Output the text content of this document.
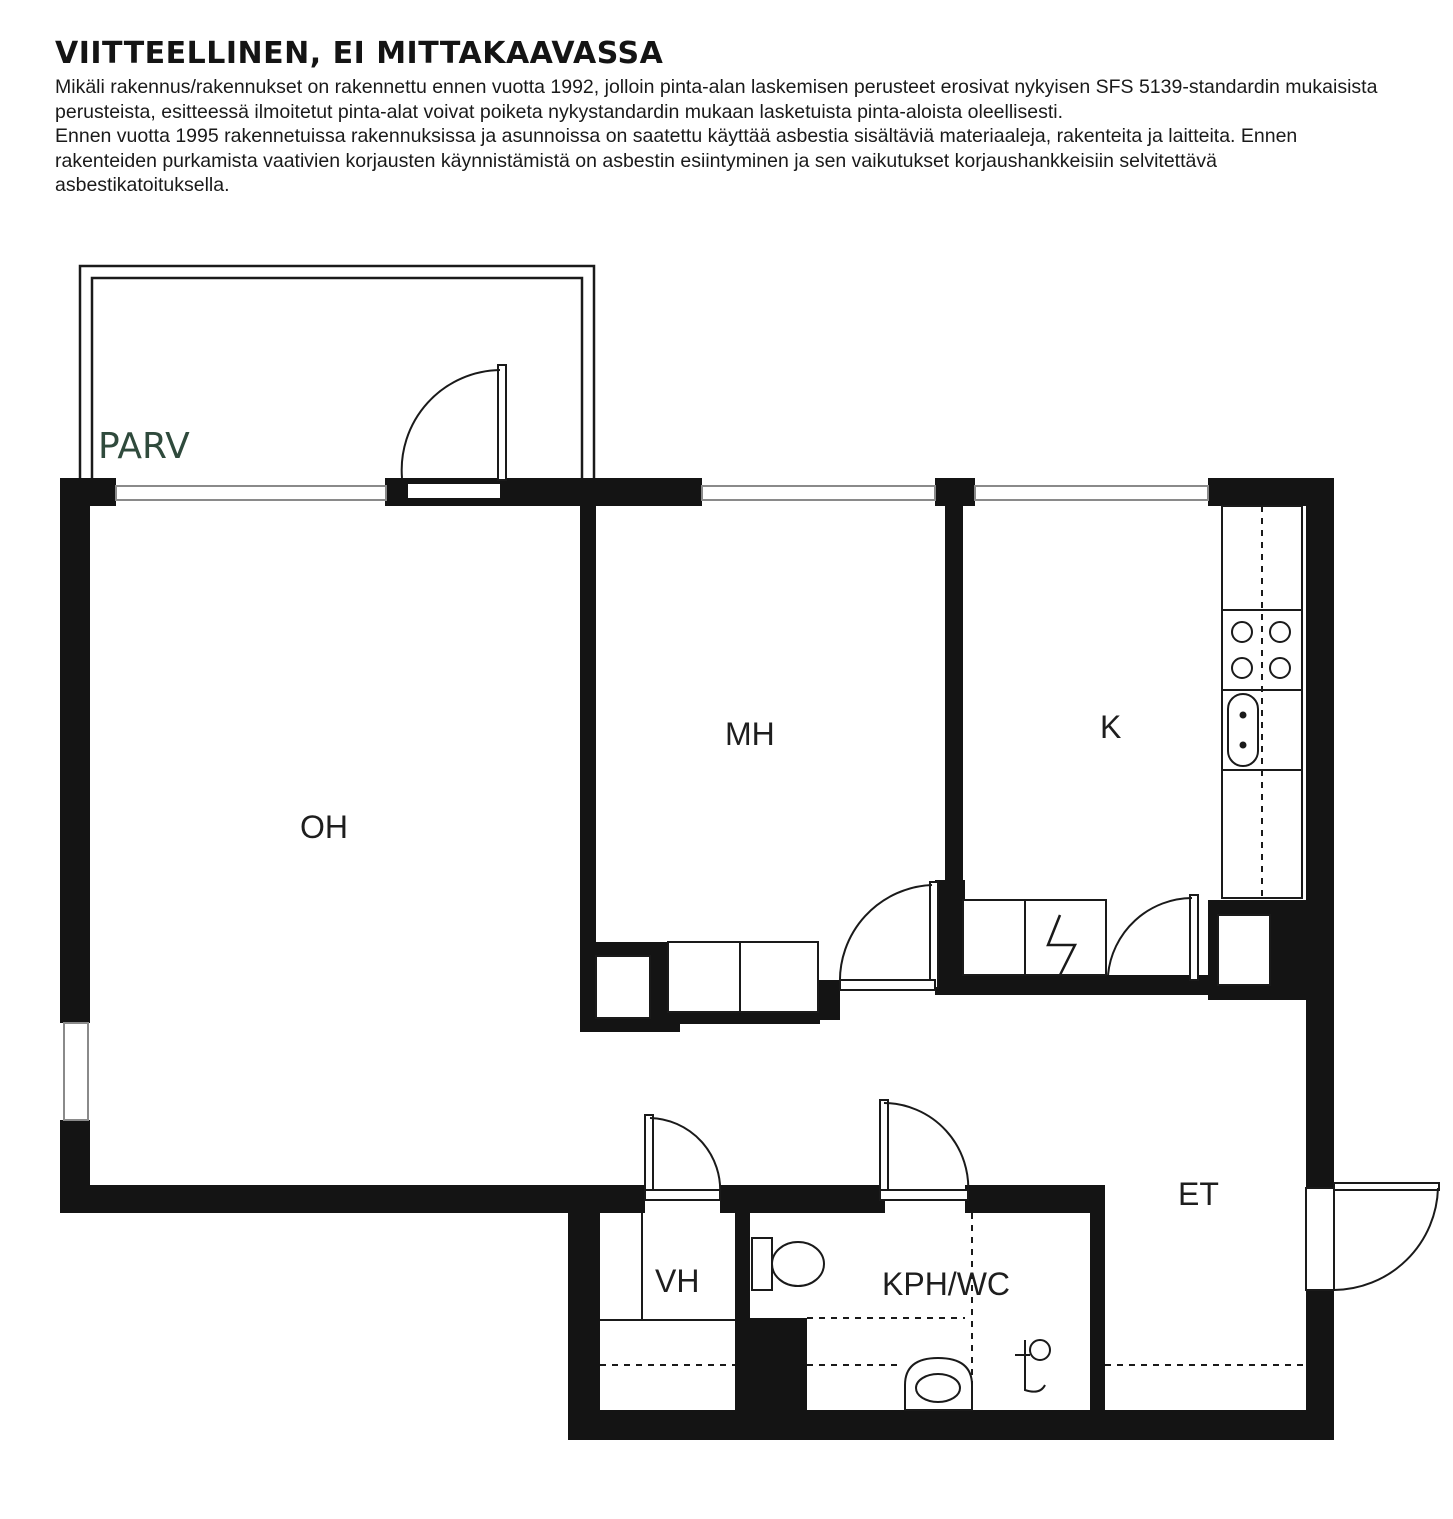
VIITTEELLINEN, EI MITTAKAAVASSA

Mikäli rakennus/rakennukset on rakennettu ennen vuotta 1992, jolloin pinta-alan laskemisen perusteet erosivat nykyisen SFS 5139-standardin mukaisista perusteista, esitteessä ilmoitetut pinta-alat voivat poiketa nykystandardin mukaan lasketuista pinta-aloista oleellisesti.

Ennen vuotta 1995 rakennetuissa rakennuksissa ja asunnoissa on saatettu käyttää asbestia sisältäviä materiaaleja, rakenteita ja laitteita. Ennen rakenteiden purkamista vaativien korjausten käynnistämistä on asbestin esiintyminen ja sen vaikutukset korjaushankkeisiin selvitettävä asbestikatoituksella.

PARV
OH
MH	K
ET
VH	KPH/WC
